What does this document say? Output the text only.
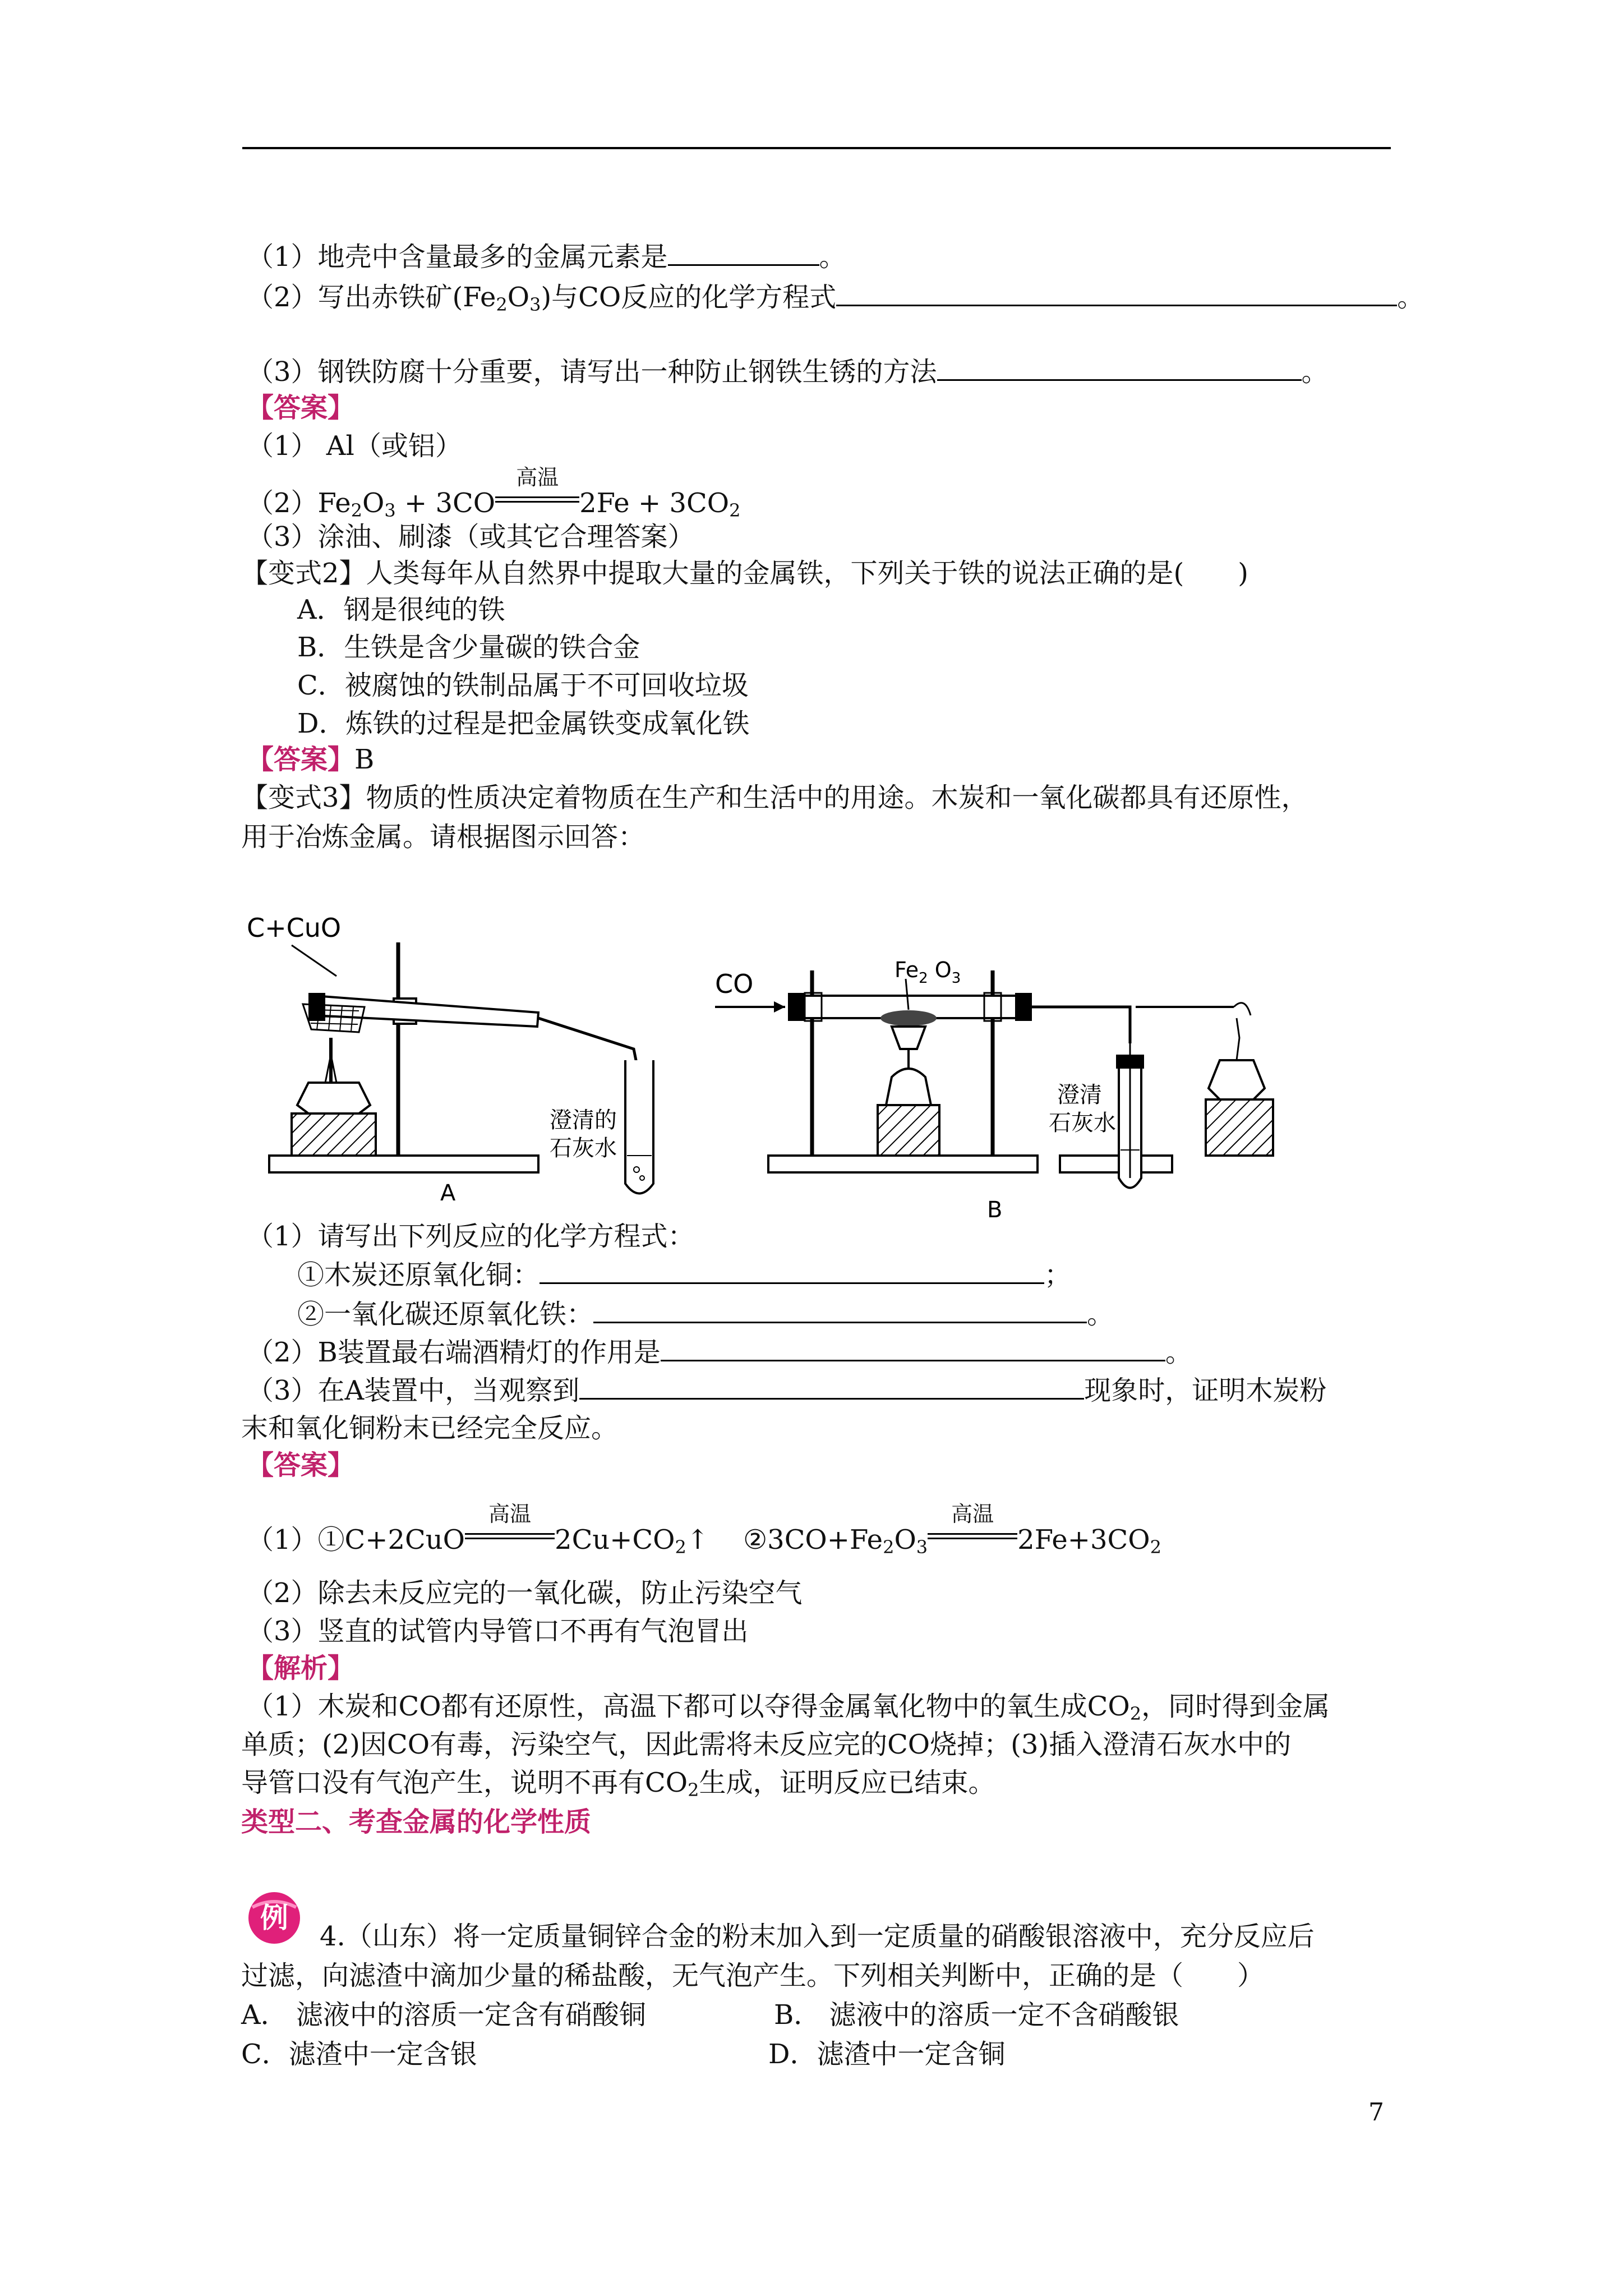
（1）地壳中含量最多的金属元素是	。
（2）写出赤铁矿$(Fe_2O_3)$与CO反应的化学方程式	。
（3）钢铁防腐十分重要，请写出一种防止钢铁生锈的方法	。
【答案】
（1） Al（或铝）
$(2)Fe_2O_3 + 3CO$
高温
$2Fe + 3CO_2$
（3）涂油、刷漆（或其它合理答案）
【变式2】人类每年从自然界中提取大量的金属铁，下列关于铁的说法正确的是(　　)
A．钢是很纯的铁
B．生铁是含少量碳的铁合金
C．被腐蚀的铁制品属于不可回收垃圾
D．炼铁的过程是把金属铁变成氧化铁
【答案】B
【变式3】物质的性质决定着物质在生产和生活中的用途。木炭和一氧化碳都具有还原性，
用于冶炼金属。请根据图示回答：
C+CuO
澄清的
石灰水
A
CO	$Fe_2$ $O_3$
澄清
石灰水
B
（1）请写出下列反应的化学方程式：
①木炭还原氧化铜：	；
②一氧化碳还原氧化铁：	。
（2）B装置最右端酒精灯的作用是	。
（3）在A装置中，当观察到	现象时，证明木炭粉
末和氧化铜粉末已经完全反应。
【答案】
（1）①C+2CuO
高温
$2Cu+CO_2↑$ $②3CO+Fe_2O_3$
高温
$2Fe+3CO_2$
（2）除去未反应完的一氧化碳，防止污染空气
（3）竖直的试管内导管口不再有气泡冒出
【解析】
（1）木炭和CO都有还原性，高温下都可以夺得金属氧化物中的氧生成$CO_2$，同时得到金属
单质；(2)因CO有毒，污染空气，因此需将未反应完的CO烧掉；(3)插入澄清石灰水中的
导管口没有气泡产生，说明不再有$CO_2$生成，证明反应已结束。
类型二、考查金属的化学性质
例
4.（山东）将一定质量铜锌合金的粉末加入到一定质量的硝酸银溶液中，充分反应后
过滤，向滤渣中滴加少量的稀盐酸，无气泡产生。下列相关判断中，正确的是（　　）
A． 滤液中的溶质一定含有硝酸铜	B． 滤液中的溶质一定不含硝酸银
C．滤渣中一定含银	D．滤渣中一定含铜
7
